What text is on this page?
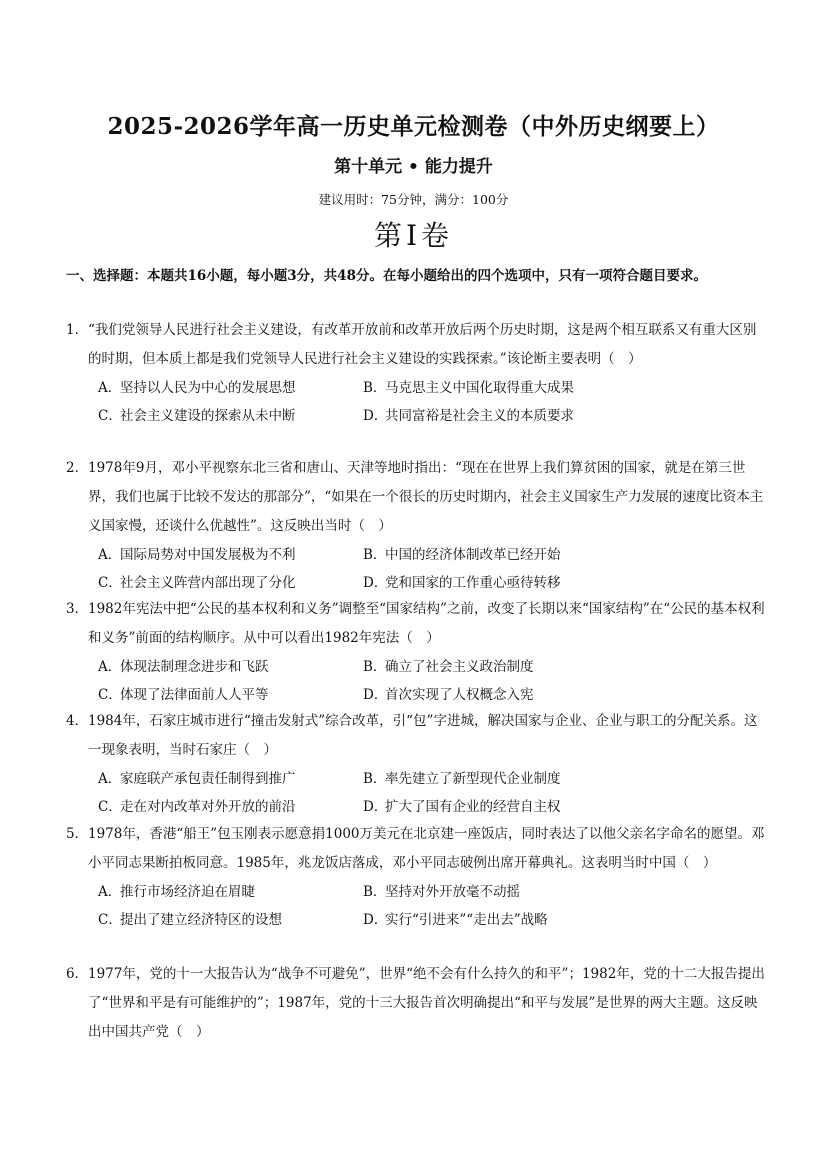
2025-2026学年高一历史单元检测卷（中外历史纲要上）
第十单元 • 能力提升
建议用时：75分钟，满分：100分
第Ⅰ卷
一、选择题：本题共16小题，每小题3分，共48分。在每小题给出的四个选项中，只有一项符合题目要求。
1． “我们党领导人民进行社会主义建设，有改革开放前和改革开放后两个历史时期，这是两个相互联系又有重大区别的时期，但本质上都是我们党领导人民进行社会主义建设的实践探索。”该论断主要表明（　）
A．坚持以人民为中心的发展思想	B．马克思主义中国化取得重大成果
C．社会主义建设的探索从未中断	D．共同富裕是社会主义的本质要求
2． 1978年9月，邓小平视察东北三省和唐山、天津等地时指出：“现在在世界上我们算贫困的国家，就是在第三世界，我们也属于比较不发达的那部分”，“如果在一个很长的历史时期内，社会主义国家生产力发展的速度比资本主义国家慢，还谈什么优越性”。这反映出当时（　）
A．国际局势对中国发展极为不利	B．中国的经济体制改革已经开始
C．社会主义阵营内部出现了分化	D．党和国家的工作重心亟待转移
3． 1982年宪法中把“公民的基本权利和义务”调整至“国家结构”之前，改变了长期以来“国家结构”在“公民的基本权利和义务”前面的结构顺序。从中可以看出1982年宪法（　）
A．体现法制理念进步和飞跃	B．确立了社会主义政治制度
C．体现了法律面前人人平等	D．首次实现了人权概念入宪
4． 1984年，石家庄城市进行“撞击发射式”综合改革，引“包”字进城，解决国家与企业、企业与职工的分配关系。这一现象表明，当时石家庄（　）
A．家庭联产承包责任制得到推广	B．率先建立了新型现代企业制度
C．走在对内改革对外开放的前沿	D．扩大了国有企业的经营自主权
5． 1978年，香港“船王”包玉刚表示愿意捐1000万美元在北京建一座饭店，同时表达了以他父亲名字命名的愿望。邓小平同志果断拍板同意。1985年，兆龙饭店落成，邓小平同志破例出席开幕典礼。这表明当时中国（　）
A．推行市场经济迫在眉睫	B．坚持对外开放毫不动摇
C．提出了建立经济特区的设想	D．实行“引进来”“走出去”战略
6． 1977年，党的十一大报告认为“战争不可避免”，世界“绝不会有什么持久的和平”；1982年，党的十二大报告提出了“世界和平是有可能维护的”；1987年，党的十三大报告首次明确提出“和平与发展”是世界的两大主题。这反映出中国共产党（　）
